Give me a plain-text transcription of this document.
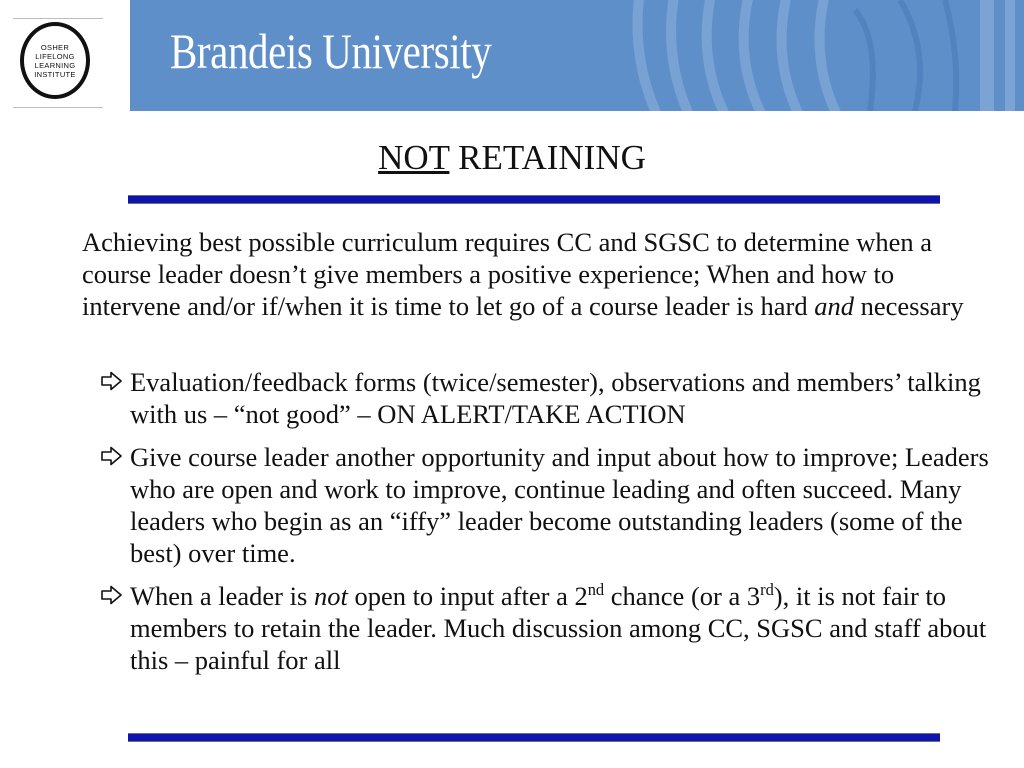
OSHER
LIFELONG
LEARNING
INSTITUTE Brandeis University
NOT RETAINING
Achieving best possible curriculum requires CC and SGSC to determine when a course leader doesn’t give members a positive experience; When and how to intervene and/or if/when it is time to let go of a course leader is hard and necessary
Evaluation/feedback forms (twice/semester), observations and members’ talking with us – “not good” – ON ALERT/TAKE ACTION
Give course leader another opportunity and input about how to improve; Leaders who are open and work to improve, continue leading and often succeed. Many leaders who begin as an “iffy” leader become outstanding leaders (some of the best) over time.
When a leader is not open to input after a 2nd chance (or a 3rd), it is not fair to members to retain the leader. Much discussion among CC, SGSC and staff about this – painful for all
